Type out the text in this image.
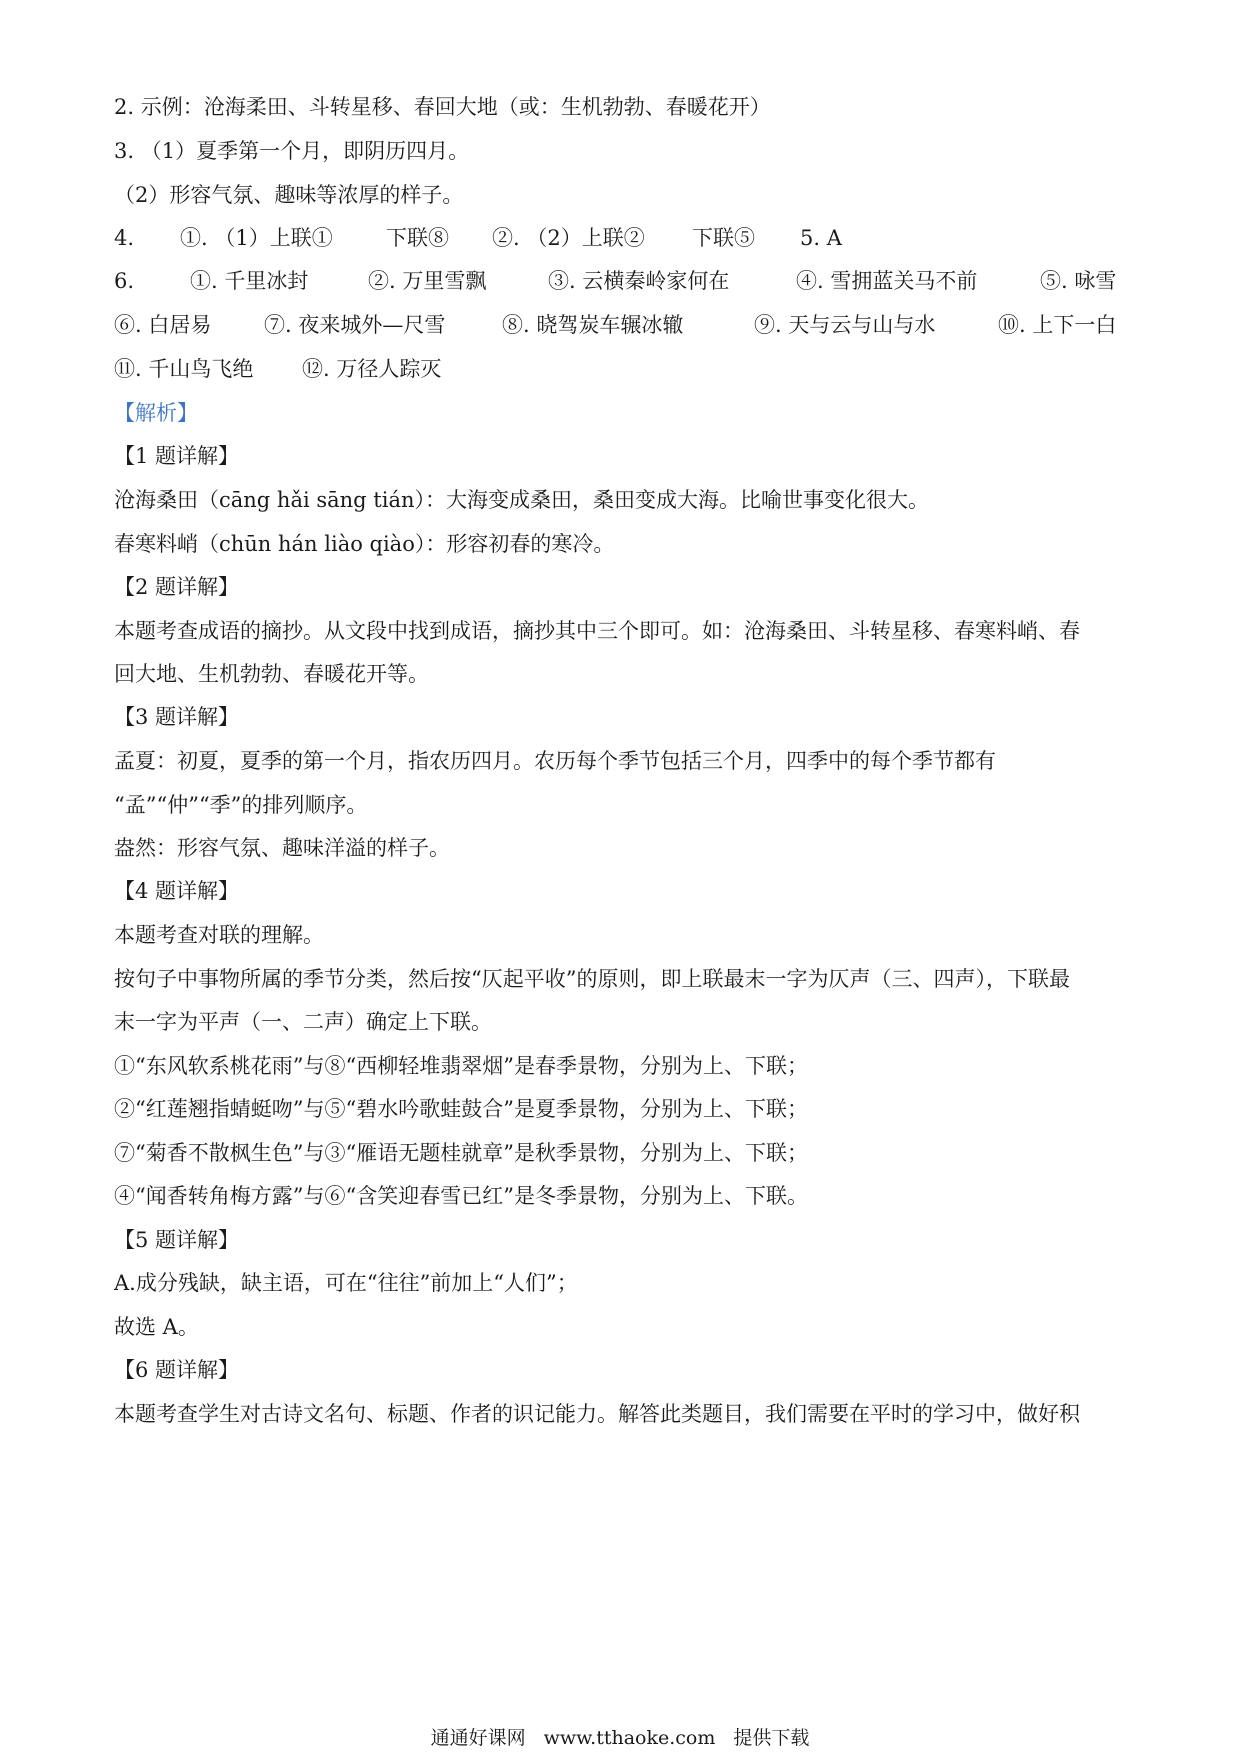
2. 示例：沧海柔田、斗转星移、春回大地（或：生机勃勃、春暖花开）
3. （1）夏季第一个月，即阴历四月。
（2）形容气氛、趣味等浓厚的样子。
4. ①. （1）上联①	下联⑧ ②. （2）上联② 下联⑤ 5. A
6.	①. 千里冰封	②. 万里雪飘	③. 云横秦岭家何在	④. 雪拥蓝关马不前	⑤. 咏雪
⑥. 白居易	⑦. 夜来城外—尺雪	⑧. 晓驾炭车辗冰辙	⑨. 天与云与山与水	⑩. 上下一白
⑪. 千山鸟飞绝 ⑫. 万径人踪灭
【解析】
【1 题详解】
沧海桑田（cāng hǎi sāng tián）：大海变成桑田，桑田变成大海。比喻世事变化很大。
春寒料峭（chūn hán liào qiào）：形容初春的寒冷。
【2 题详解】
本题考查成语的摘抄。从文段中找到成语，摘抄其中三个即可。如：沧海桑田、斗转星移、春寒料峭、春
回大地、生机勃勃、春暖花开等。
【3 题详解】
孟夏：初夏，夏季的第一个月，指农历四月。农历每个季节包括三个月，四季中的每个季节都有
“孟”“仲”“季”的排列顺序。
盎然：形容气氛、趣味洋溢的样子。
【4 题详解】
本题考查对联的理解。
按句子中事物所属的季节分类，然后按“仄起平收”的原则，即上联最末一字为仄声（三、四声），下联最
末一字为平声（一、二声）确定上下联。
①“东风软系桃花雨”与⑧“西柳轻堆翡翠烟”是春季景物，分别为上、下联；
②“红莲翘指蜻蜓吻”与⑤“碧水吟歌蛙鼓合”是夏季景物，分别为上、下联；
⑦“菊香不散枫生色”与③“雁语无题桂就章”是秋季景物，分别为上、下联；
④“闻香转角梅方露”与⑥“含笑迎春雪已红”是冬季景物，分别为上、下联。
【5 题详解】
A.成分残缺，缺主语，可在“往往”前加上“人们”；
故选 A。
【6 题详解】
本题考查学生对古诗文名句、标题、作者的识记能力。解答此类题目，我们需要在平时的学习中，做好积
通通好课网 www.tthaoke.com 提供下载
